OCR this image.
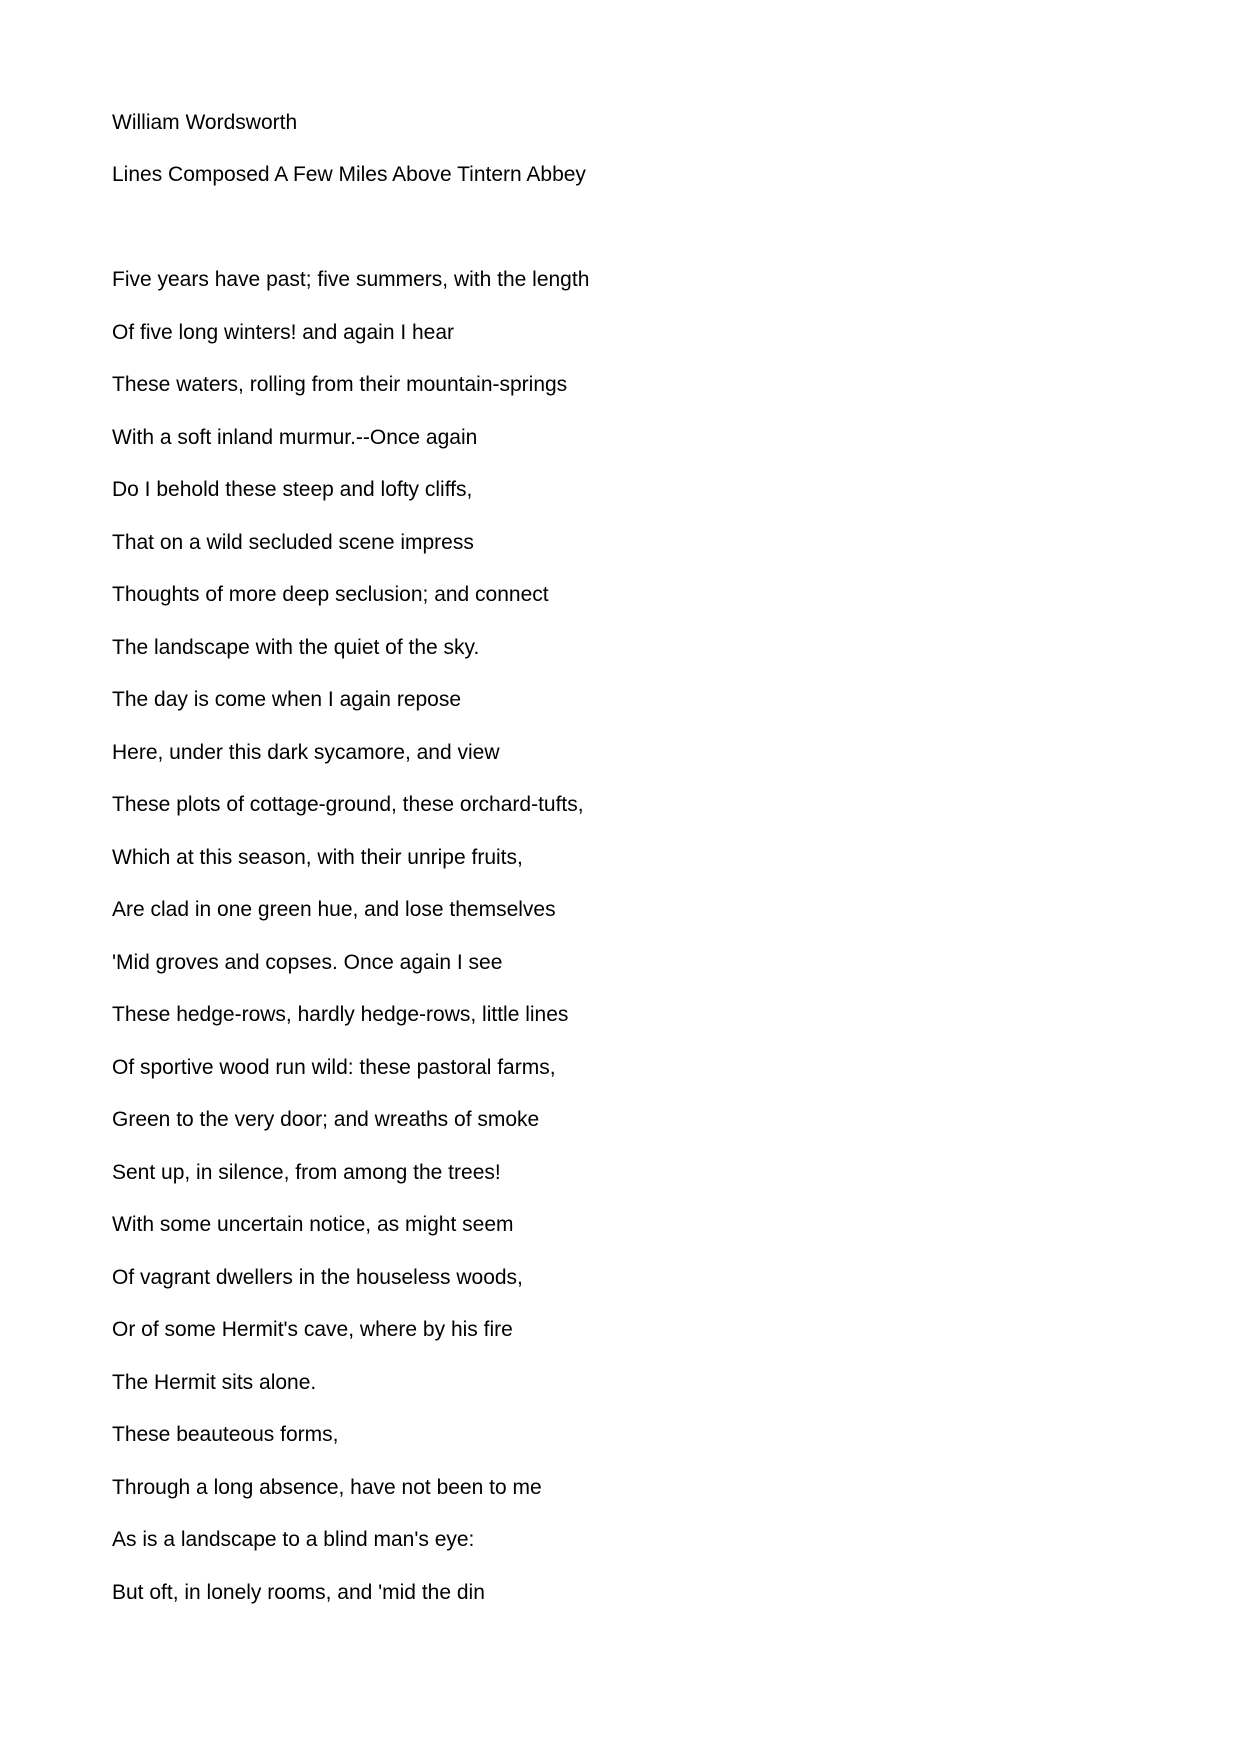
William Wordsworth

Lines Composed A Few Miles Above Tintern Abbey

Five years have past; five summers, with the length

Of five long winters! and again I hear

These waters, rolling from their mountain-springs

With a soft inland murmur.--Once again

Do I behold these steep and lofty cliffs,

That on a wild secluded scene impress

Thoughts of more deep seclusion; and connect

The landscape with the quiet of the sky.

The day is come when I again repose

Here, under this dark sycamore, and view

These plots of cottage-ground, these orchard-tufts,

Which at this season, with their unripe fruits,

Are clad in one green hue, and lose themselves

'Mid groves and copses. Once again I see

These hedge-rows, hardly hedge-rows, little lines

Of sportive wood run wild: these pastoral farms,

Green to the very door; and wreaths of smoke

Sent up, in silence, from among the trees!

With some uncertain notice, as might seem

Of vagrant dwellers in the houseless woods,

Or of some Hermit's cave, where by his fire

The Hermit sits alone.

These beauteous forms,

Through a long absence, have not been to me

As is a landscape to a blind man's eye:

But oft, in lonely rooms, and 'mid the din
